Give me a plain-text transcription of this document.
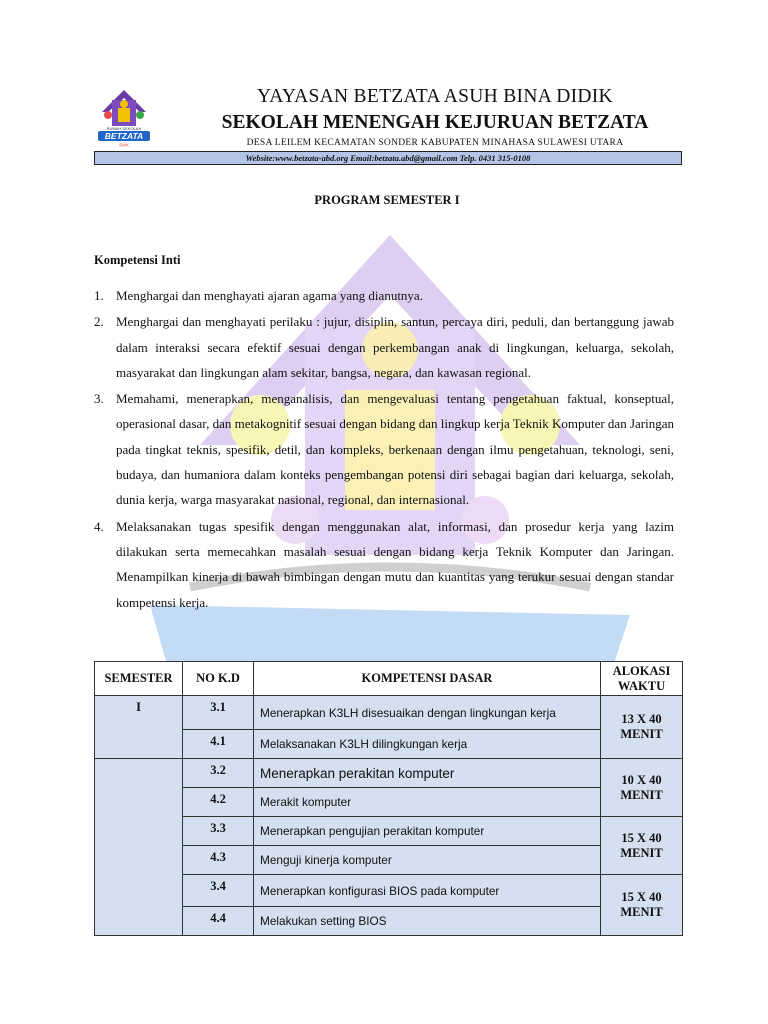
RUMAH SEKOLAH
BETZATA
SMK
YAYASAN BETZATA ASUH BINA DIDIK
SEKOLAH MENENGAH KEJURUAN BETZATA
DESA LEILEM KECAMATAN SONDER KABUPATEN MINAHASA SULAWESI UTARA
Website:www.betzata-abd.org Email:betzata.abd@gmail.com Telp. 0431 315-0108
PROGRAM SEMESTER I
Kompetensi Inti
1. Menghargai dan menghayati ajaran agama yang dianutnya.
2. Menghargai dan menghayati perilaku : jujur, disiplin, santun, percaya diri, peduli, dan bertanggung jawab dalam interaksi secara efektif sesuai dengan perkembangan anak di lingkungan, keluarga, sekolah, masyarakat dan lingkungan alam sekitar, bangsa, negara, dan kawasan regional.
3. Memahami, menerapkan, menganalisis, dan mengevaluasi tentang pengetahuan faktual, konseptual, operasional dasar, dan metakognitif sesuai dengan bidang dan lingkup kerja Teknik Komputer dan Jaringan pada tingkat teknis, spesifik, detil, dan kompleks, berkenaan dengan ilmu pengetahuan, teknologi, seni, budaya, dan humaniora dalam konteks pengembangan potensi diri sebagai bagian dari keluarga, sekolah, dunia kerja, warga masyarakat nasional, regional, dan internasional.
4. Melaksanakan tugas spesifik dengan menggunakan alat, informasi, dan prosedur kerja yang lazim dilakukan serta memecahkan masalah sesuai dengan bidang kerja Teknik Komputer dan Jaringan. Menampilkan kinerja di bawah bimbingan dengan mutu dan kuantitas yang terukur sesuai dengan standar kompetensi kerja.
SEMESTER	NO K.D	KOMPETENSI DASAR	ALOKASI WAKTU
I	3.1	Menerapkan K3LH disesuaikan dengan lingkungan kerja	13 X 40 MENIT
	4.1	Melaksanakan K3LH dilingkungan kerja	
	3.2	Menerapkan perakitan komputer	10 X 40 MENIT
	4.2	Merakit komputer	
	3.3	Menerapkan pengujian perakitan komputer	15 X 40 MENIT
	4.3	Menguji kinerja komputer	
	3.4	Menerapkan konfigurasi BIOS pada komputer	15 X 40 MENIT
	4.4	Melakukan setting BIOS	
